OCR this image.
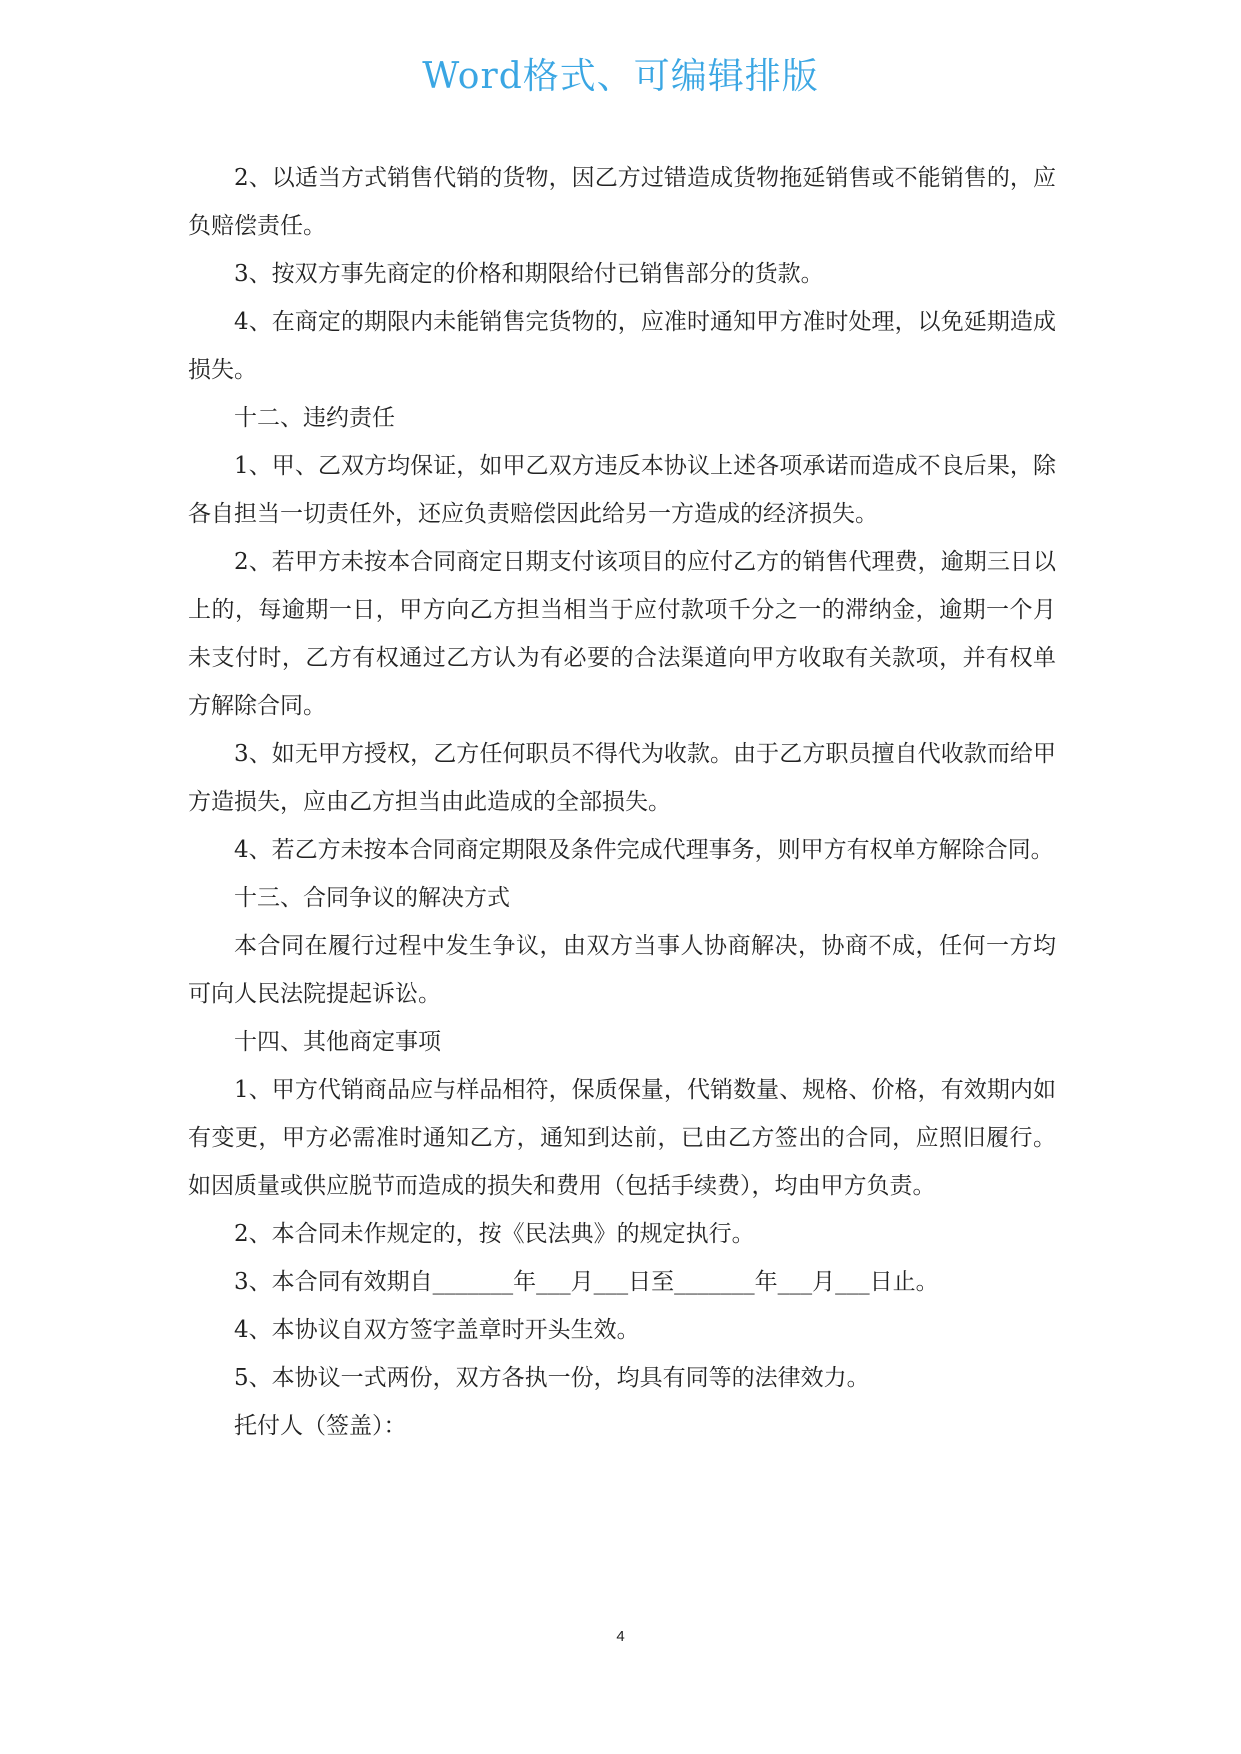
Word格式、可编辑排版

2、以适当方式销售代销的货物，因乙方过错造成货物拖延销售或不能销售的，应负赔偿责任。

3、按双方事先商定的价格和期限给付已销售部分的货款。

4、在商定的期限内未能销售完货物的，应准时通知甲方准时处理，以免延期造成损失。

十二、违约责任

1、甲、乙双方均保证，如甲乙双方违反本协议上述各项承诺而造成不良后果，除各自担当一切责任外，还应负责赔偿因此给另一方造成的经济损失。

2、若甲方未按本合同商定日期支付该项目的应付乙方的销售代理费，逾期三日以上的，每逾期一日，甲方向乙方担当相当于应付款项千分之一的滞纳金，逾期一个月未支付时，乙方有权通过乙方认为有必要的合法渠道向甲方收取有关款项，并有权单方解除合同。

3、如无甲方授权，乙方任何职员不得代为收款。由于乙方职员擅自代收款而给甲方造损失，应由乙方担当由此造成的全部损失。

4、若乙方未按本合同商定期限及条件完成代理事务，则甲方有权单方解除合同。

十三、合同争议的解决方式

本合同在履行过程中发生争议，由双方当事人协商解决，协商不成，任何一方均可向人民法院提起诉讼。

十四、其他商定事项

1、甲方代销商品应与样品相符，保质保量，代销数量、规格、价格，有效期内如有变更，甲方必需准时通知乙方，通知到达前，已由乙方签出的合同，应照旧履行。如因质量或供应脱节而造成的损失和费用（包括手续费），均由甲方负责。

2、本合同未作规定的，按《民法典》的规定执行。

3、本合同有效期自_______年___月___日至_______年___月___日止。

4、本协议自双方签字盖章时开头生效。

5、本协议一式两份，双方各执一份，均具有同等的法律效力。

托付人（签盖）：

4
